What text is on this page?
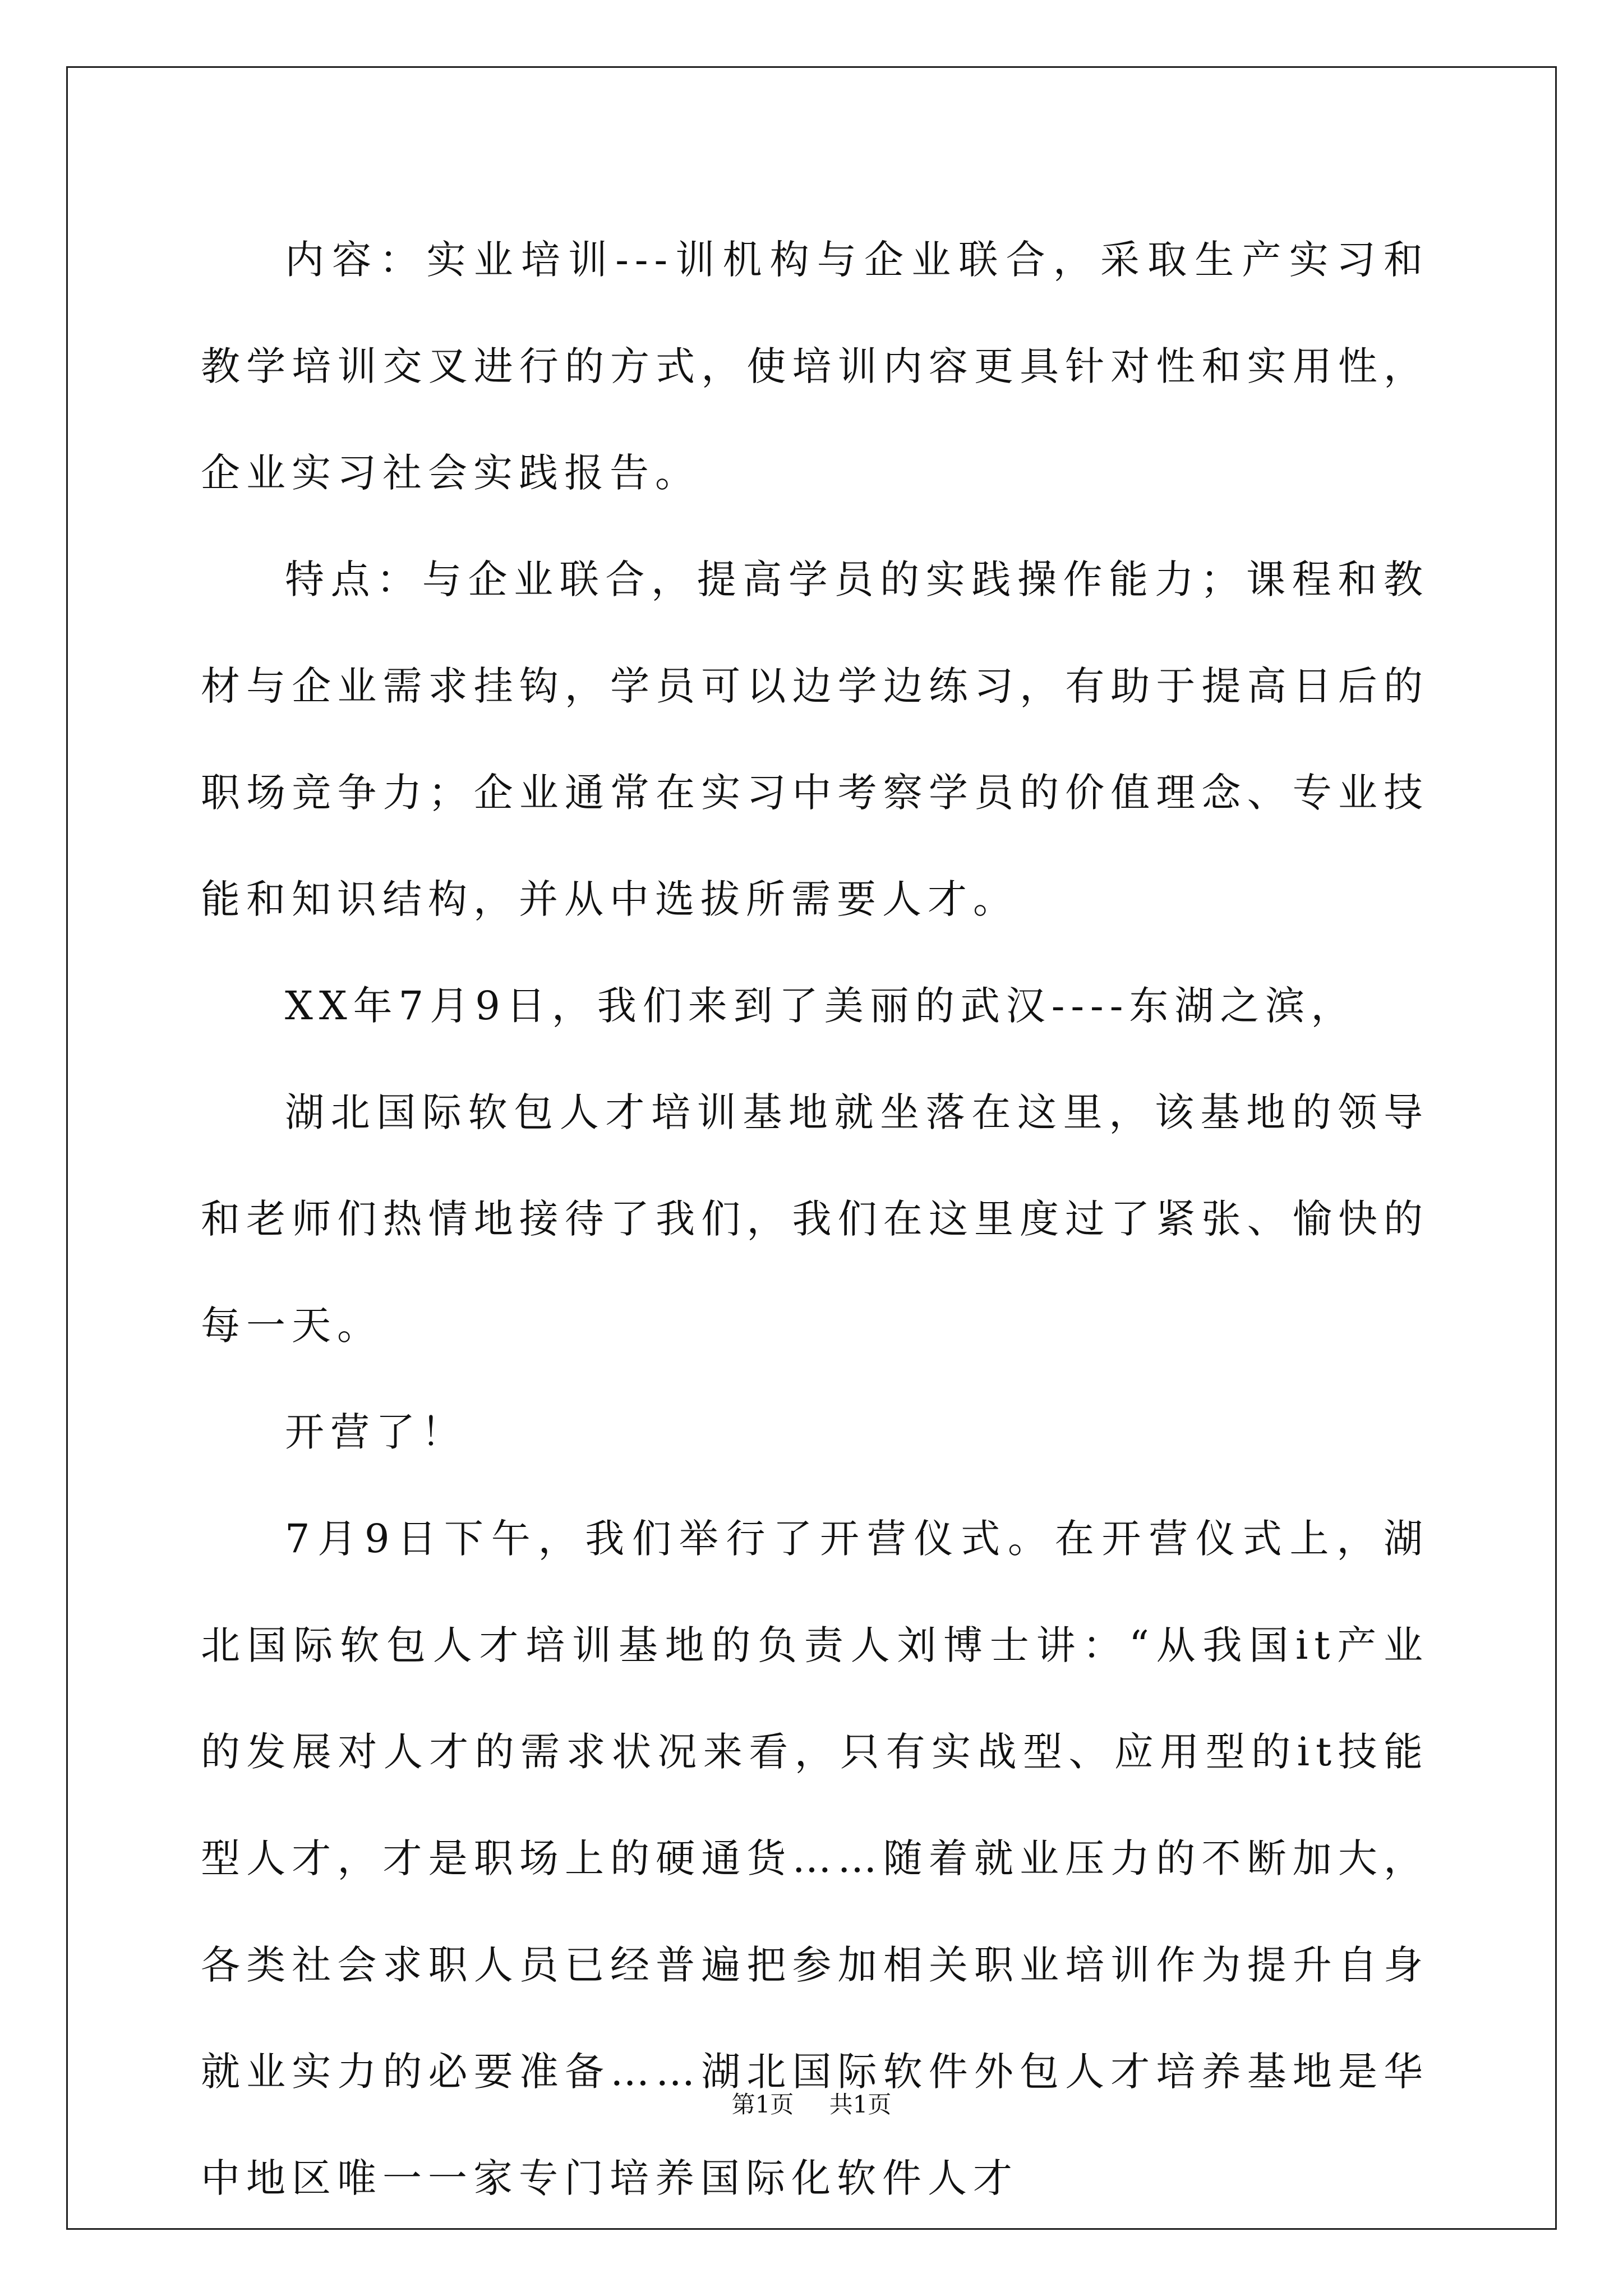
内容：实业培训---训机构与企业联合，采取生产实习和教学培训交叉进行的方式，使培训内容更具针对性和实用性，企业实习社会实践报告。

特点：与企业联合，提高学员的实践操作能力；课程和教材与企业需求挂钩，学员可以边学边练习，有助于提高日后的职场竞争力；企业通常在实习中考察学员的价值理念、专业技能和知识结构，并从中选拔所需要人才。

XX年7月9日，我们来到了美丽的武汉----东湖之滨，

湖北国际软包人才培训基地就坐落在这里，该基地的领导和老师们热情地接待了我们，我们在这里度过了紧张、愉快的每一天。

开营了！

7月9日下午，我们举行了开营仪式。在开营仪式上，湖北国际软包人才培训基地的负责人刘博士讲：“从我国it产业的发展对人才的需求状况来看，只有实战型、应用型的it技能型人才，才是职场上的硬通货……随着就业压力的不断加大，各类社会求职人员已经普遍把参加相关职业培训作为提升自身就业实力的必要准备……湖北国际软件外包人才培养基地是华中地区唯一一家专门培养国际化软件人才

第1页 共1页
